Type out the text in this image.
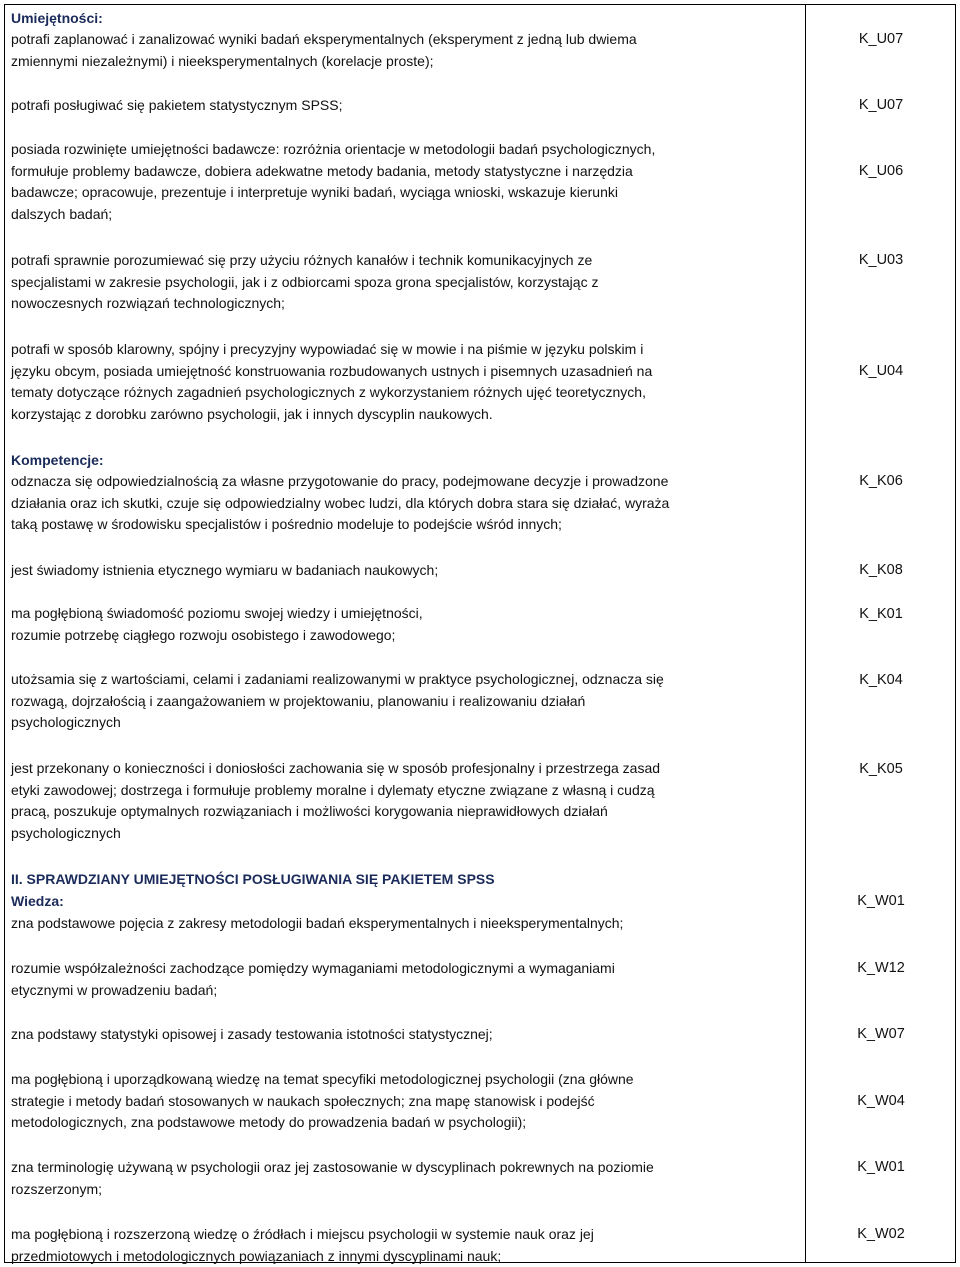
Umiejętności:
potrafi zaplanować i zanalizować wyniki badań eksperymentalnych (eksperyment z jedną lub dwiema
zmiennymi niezależnymi) i nieeksperymentalnych (korelacje proste);
potrafi posługiwać się pakietem statystycznym SPSS;
posiada rozwinięte umiejętności badawcze: rozróżnia orientacje w metodologii badań psychologicznych,
formułuje problemy badawcze, dobiera adekwatne metody badania, metody statystyczne i narzędzia
badawcze; opracowuje, prezentuje i interpretuje wyniki badań, wyciąga wnioski, wskazuje kierunki
dalszych badań;
potrafi sprawnie porozumiewać się przy użyciu różnych kanałów i technik komunikacyjnych ze
specjalistami w zakresie psychologii, jak i z odbiorcami spoza grona specjalistów, korzystając z
nowoczesnych rozwiązań technologicznych;
potrafi w sposób klarowny, spójny i precyzyjny wypowiadać się w mowie i na piśmie w języku polskim i
języku obcym, posiada umiejętność konstruowania rozbudowanych ustnych i pisemnych uzasadnień na
tematy dotyczące różnych zagadnień psychologicznych z wykorzystaniem różnych ujęć teoretycznych,
korzystając z dorobku zarówno psychologii, jak i innych dyscyplin naukowych.
Kompetencje:
odznacza się odpowiedzialnością za własne przygotowanie do pracy, podejmowane decyzje i prowadzone
działania oraz ich skutki, czuje się odpowiedzialny wobec ludzi, dla których dobra stara się działać, wyraża
taką postawę w środowisku specjalistów i pośrednio modeluje to podejście wśród innych;
jest świadomy istnienia etycznego wymiaru w badaniach naukowych;
ma pogłębioną świadomość poziomu swojej wiedzy i umiejętności,
rozumie potrzebę ciągłego rozwoju osobistego i zawodowego;
utożsamia się z wartościami, celami i zadaniami realizowanymi w praktyce psychologicznej, odznacza się
rozwagą, dojrzałością i zaangażowaniem w projektowaniu, planowaniu i realizowaniu działań
psychologicznych
jest przekonany o konieczności i doniosłości zachowania się w sposób profesjonalny i przestrzega zasad
etyki zawodowej; dostrzega i formułuje problemy moralne i dylematy etyczne związane z własną i cudzą
pracą, poszukuje optymalnych rozwiązaniach i możliwości korygowania nieprawidłowych działań
psychologicznych
II. SPRAWDZIANY UMIEJĘTNOŚCI POSŁUGIWANIA SIĘ PAKIETEM SPSS
Wiedza:
zna podstawowe pojęcia z zakresy metodologii badań eksperymentalnych i nieeksperymentalnych;
rozumie współzależności zachodzące pomiędzy wymaganiami metodologicznymi a wymaganiami
etycznymi w prowadzeniu badań;
zna podstawy statystyki opisowej i zasady testowania istotności statystycznej;
ma pogłębioną i uporządkowaną wiedzę na temat specyfiki metodologicznej psychologii (zna główne
strategie i metody badań stosowanych w naukach społecznych; zna mapę stanowisk i podejść
metodologicznych, zna podstawowe metody do prowadzenia badań w psychologii);
zna terminologię używaną w psychologii oraz jej zastosowanie w dyscyplinach pokrewnych na poziomie
rozszerzonym;
ma pogłębioną i rozszerzoną wiedzę o źródłach i miejscu psychologii w systemie nauk oraz jej
przedmiotowych i metodologicznych powiązaniach z innymi dyscyplinami nauk;
K_U07
K_U07
K_U06
K_U03
K_U04
K_K06
K_K08
K_K01
K_K04
K_K05
K_W01
K_W12
K_W07
K_W04
K_W01
K_W02
